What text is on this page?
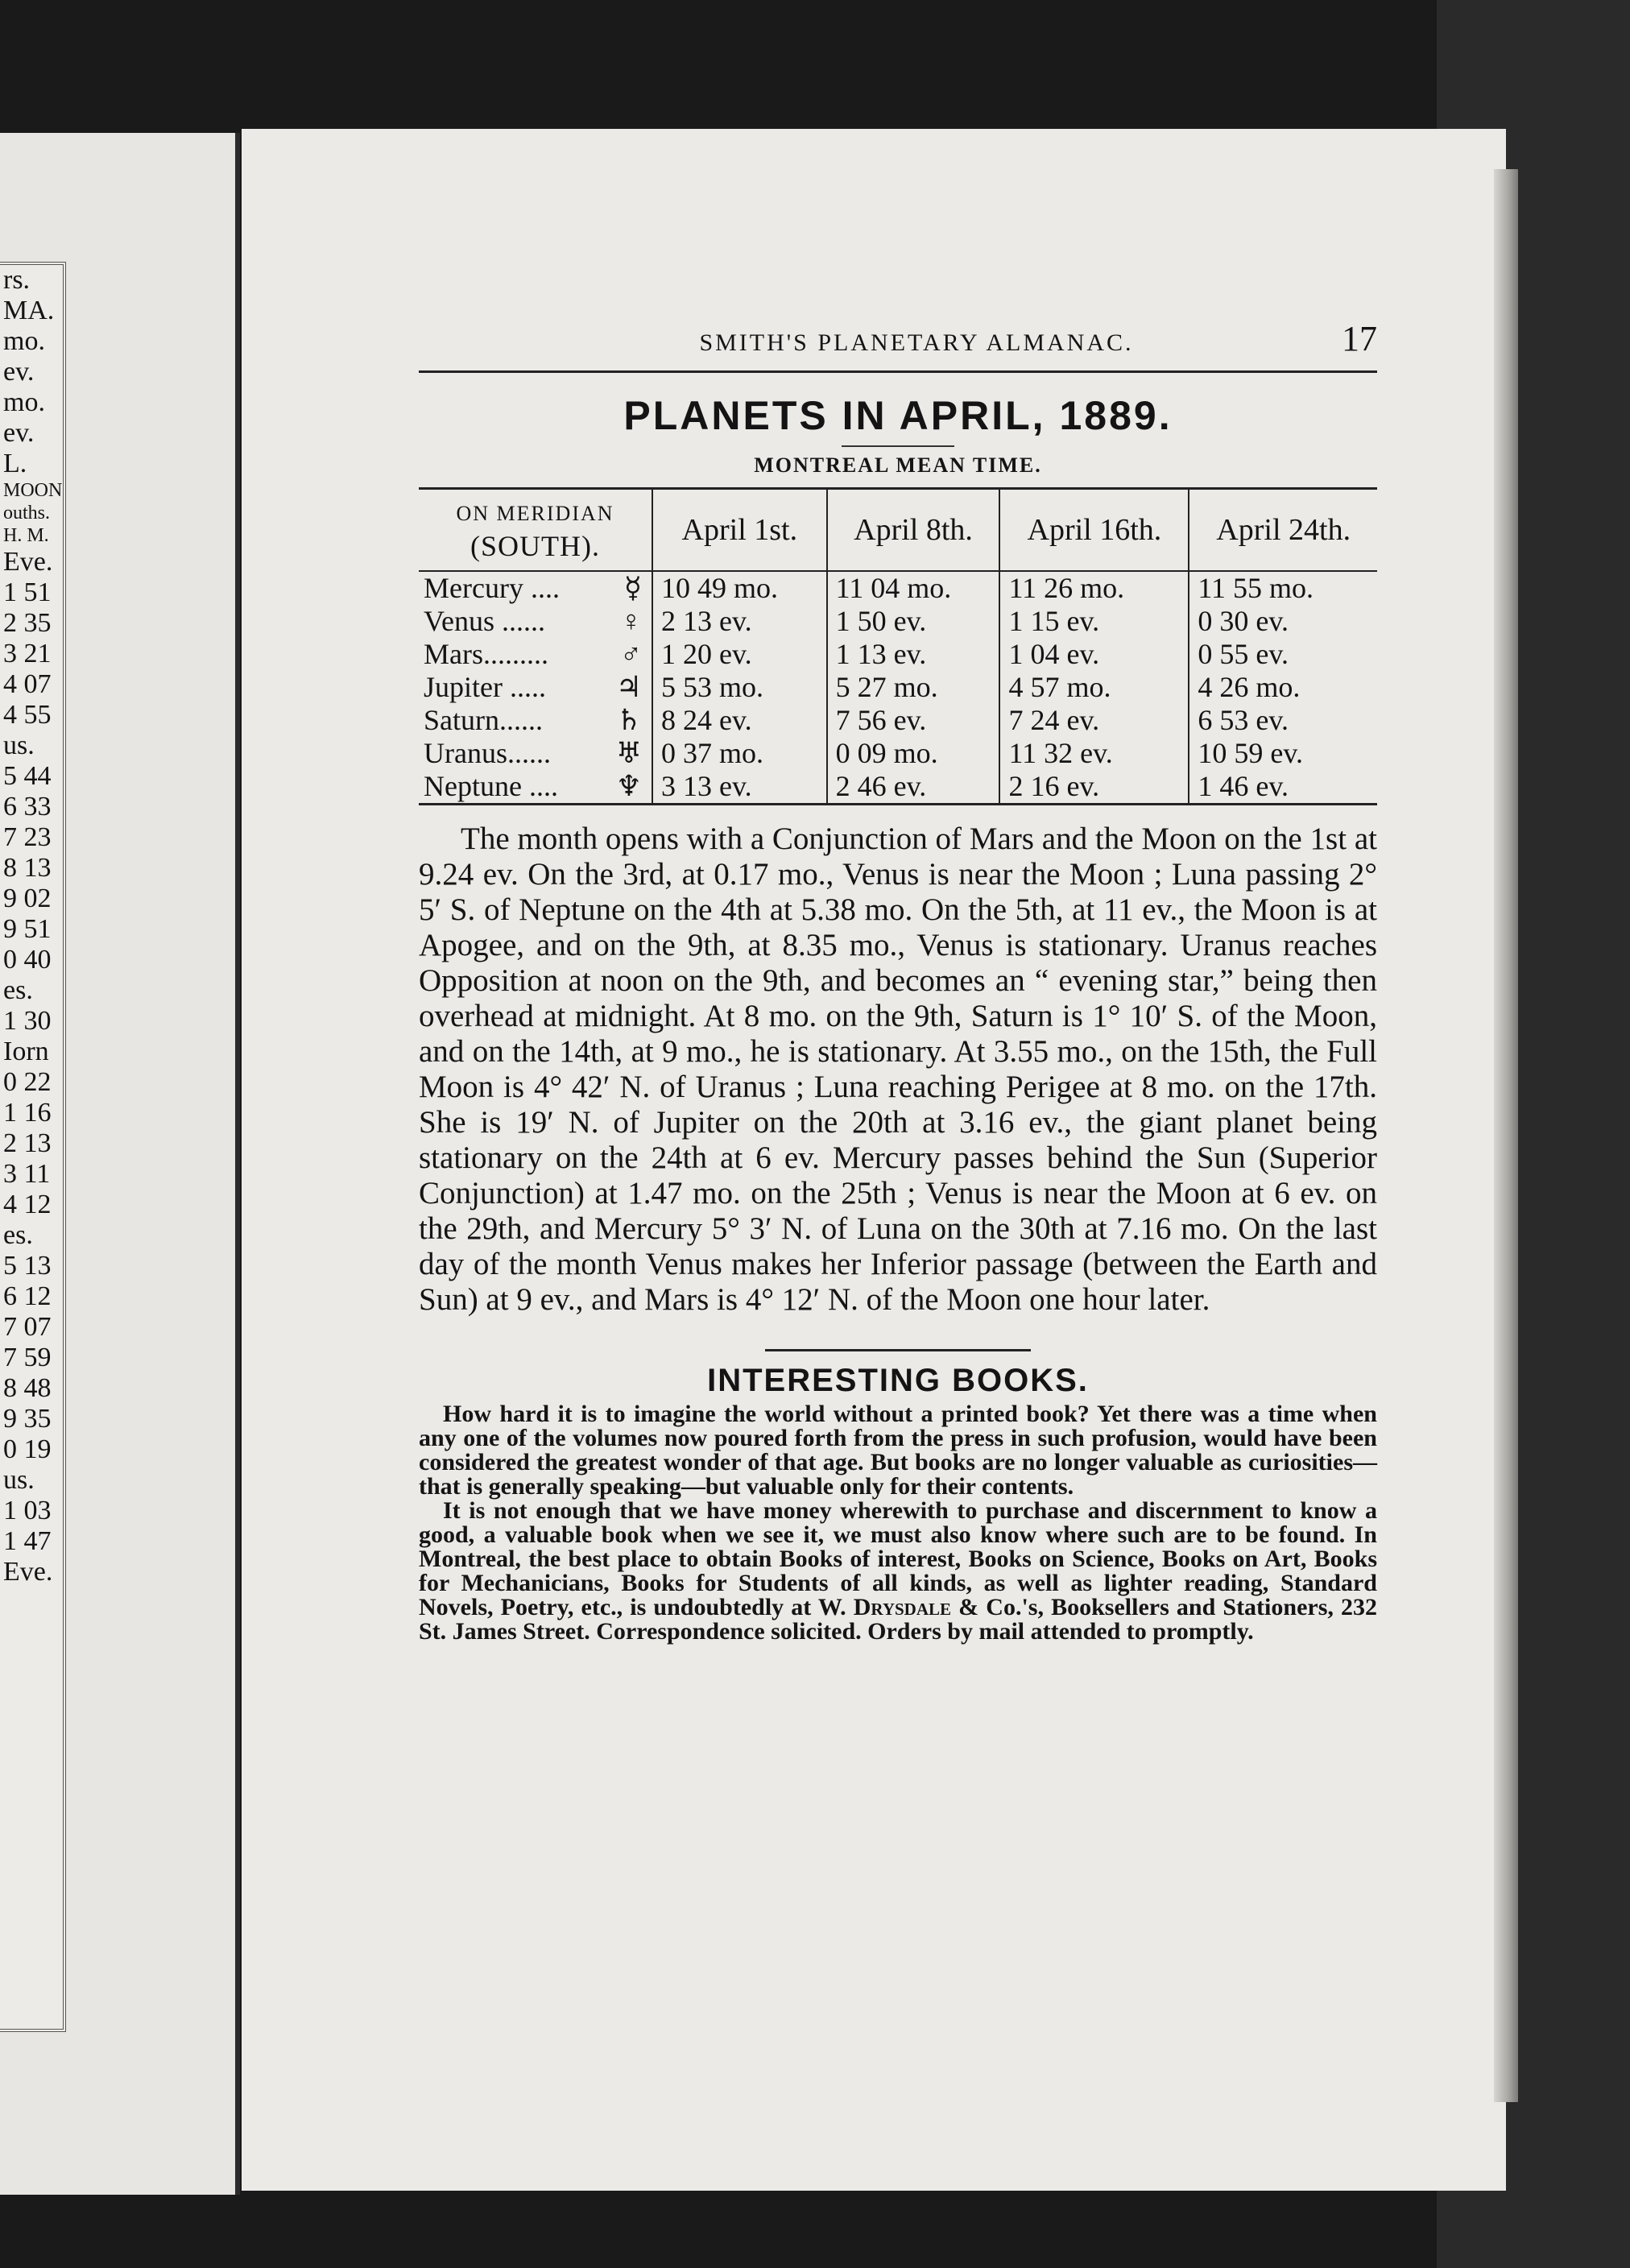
rs.
MA.
mo.
ev.
mo.
ev.
L.
MOON
ouths.
H. M.
Eve.
1 51
2 35
3 21
4 07
4 55
us.
5 44
6 33
7 23
8 13
9 02
9 51
0 40
es.
1 30
Iorn
0 22
1 16
2 13
3 11
4 12
es.
5 13
6 12
7 07
7 59
8 48
9 35
0 19
us.
1 03
1 47
Eve.
SMITH'S PLANETARY ALMANAC.	17
PLANETS IN APRIL, 1889.
MONTREAL MEAN TIME.
ON MERIDIAN
(SOUTH).	April 1st.	April 8th.	April 16th.	April 24th.

Mercury .... ☿	10 49 mo.	11 04 mo.	11 26 mo.	11 55 mo.

Venus ...... ♀	2 13 ev.	1 50 ev.	1 15 ev.	0 30 ev.

Mars......... ♂	1 20 ev.	1 13 ev.	1 04 ev.	0 55 ev.

Jupiter ..... ♃	5 53 mo.	5 27 mo.	4 57 mo.	4 26 mo.

Saturn...... ♄	8 24 ev.	7 56 ev.	7 24 ev.	6 53 ev.

Uranus...... ♅	0 37 mo.	0 09 mo.	11 32 ev.	10 59 ev.

Neptune .... ♆	3 13 ev.	2 46 ev.	2 16 ev.	1 46 ev.

The month opens with a Conjunction of Mars and the Moon on the 1st at 9.24 ev. On the 3rd, at 0.17 mo., Venus is near the Moon ; Luna passing 2° 5′ S. of Neptune on the 4th at 5.38 mo. On the 5th, at 11 ev., the Moon is at Apogee, and on the 9th, at 8.35 mo., Venus is stationary. Uranus reaches Opposition at noon on the 9th, and becomes an “ evening star,” being then overhead at midnight. At 8 mo. on the 9th, Saturn is 1° 10′ S. of the Moon, and on the 14th, at 9 mo., he is stationary. At 3.55 mo., on the 15th, the Full Moon is 4° 42′ N. of Uranus ; Luna reaching Perigee at 8 mo. on the 17th. She is 19′ N. of Jupiter on the 20th at 3.16 ev., the giant planet being stationary on the 24th at 6 ev. Mercury passes behind the Sun (Superior Conjunction) at 1.47 mo. on the 25th ; Venus is near the Moon at 6 ev. on the 29th, and Mercury 5° 3′ N. of Luna on the 30th at 7.16 mo. On the last day of the month Venus makes her Inferior passage (between the Earth and Sun) at 9 ev., and Mars is 4° 12′ N. of the Moon one hour later.

INTERESTING BOOKS.

How hard it is to imagine the world without a printed book? Yet there was a time when any one of the volumes now poured forth from the press in such profusion, would have been considered the greatest wonder of that age. But books are no longer valuable as curiosities—that is generally speaking—but valuable only for their contents.

It is not enough that we have money wherewith to purchase and discernment to know a good, a valuable book when we see it, we must also know where such are to be found. In Montreal, the best place to obtain Books of interest, Books on Science, Books on Art, Books for Mechanicians, Books for Students of all kinds, as well as lighter reading, Standard Novels, Poetry, etc., is undoubtedly at W. Drysdale & Co.'s, Booksellers and Stationers, 232 St. James Street. Correspondence solicited. Orders by mail attended to promptly.
